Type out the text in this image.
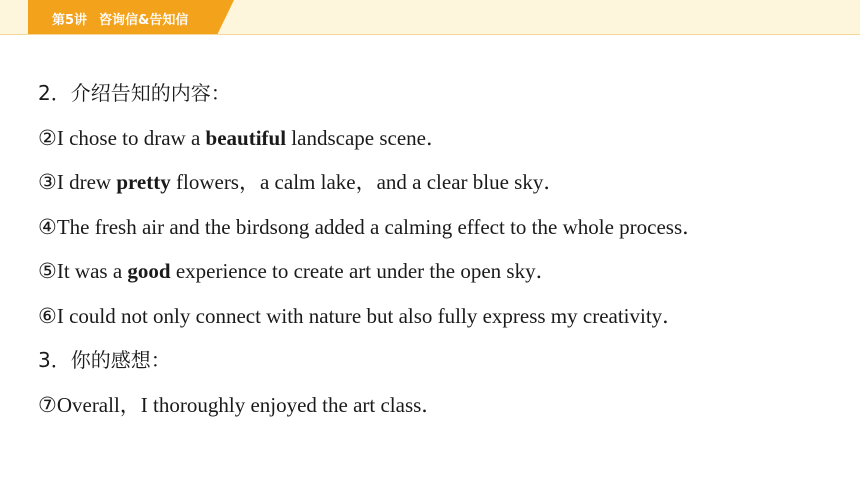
第5讲 咨询信&告知信
2．介绍告知的内容：
②I chose to draw a beautiful landscape scene．
③I drew pretty flowers，a calm lake，and a clear blue sky．
④The fresh air and the birdsong added a calming effect to the whole process．
⑤It was a good experience to create art under the open sky．
⑥I could not only connect with nature but also fully express my creativity．
3．你的感想：
⑦Overall，I thoroughly enjoyed the art class．
